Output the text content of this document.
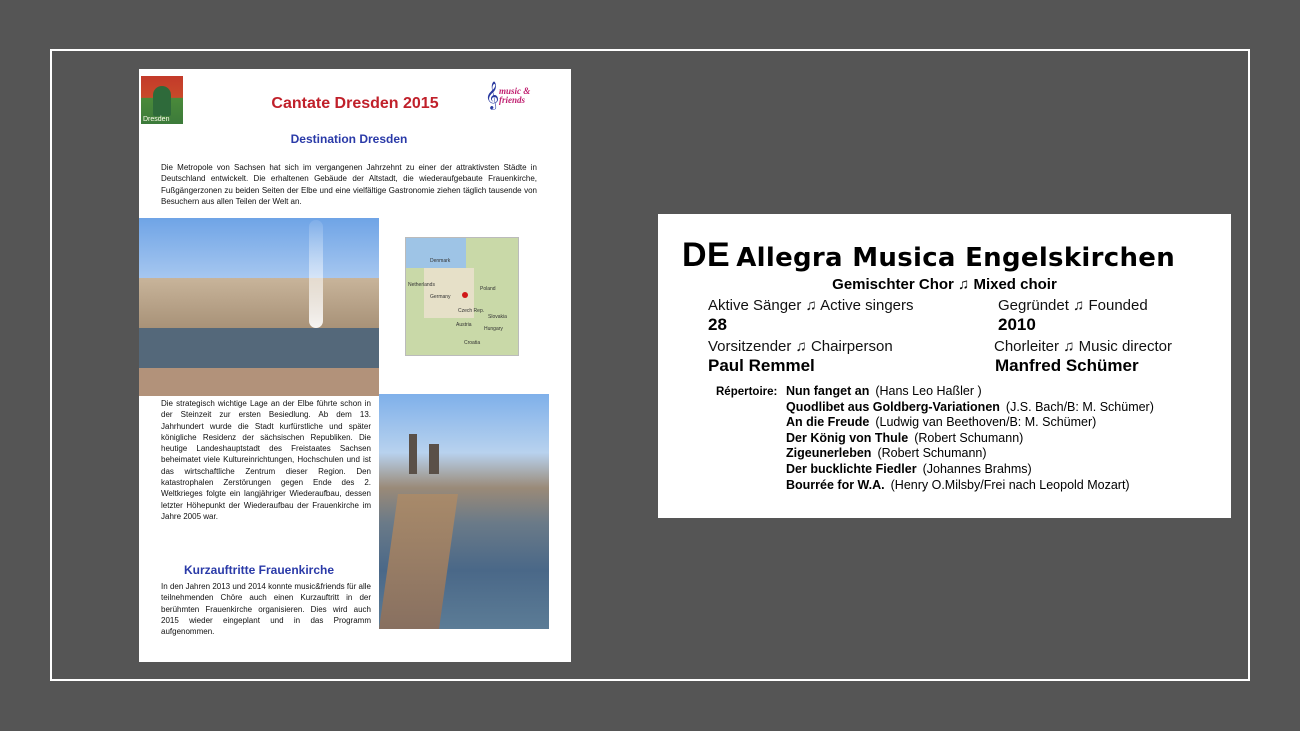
Dresden
Cantate Dresden 2015	𝄞 music & friends
Destination Dresden
Die Metropole von Sachsen hat sich im vergangenen Jahrzehnt zu einer der attraktivsten Städte in Deutschland entwickelt. Die erhaltenen Gebäude der Altstadt, die wiederaufgebaute Frauenkirche, Fußgängerzonen zu beiden Seiten der Elbe und eine vielfältige Gastronomie ziehen täglich tausende von Besuchern aus allen Teilen der Welt an.
Denmark
Netherlands
Germany
Poland
Czech Rep.
Slovakia
Austria
Hungary
Croatia
Die strategisch wichtige Lage an der Elbe führte schon in der Steinzeit zur ersten Besiedlung. Ab dem 13. Jahrhundert wurde die Stadt kurfürstliche und später königliche Residenz der sächsischen Republiken. Die heutige Landeshauptstadt des Freistaates Sachsen beheimatet viele Kultureinrichtungen, Hochschulen und ist das wirtschaftliche Zentrum dieser Region. Den katastrophalen Zerstörungen gegen Ende des 2. Weltkrieges folgte ein langjähriger Wiederaufbau, dessen letzter Höhepunkt der Wiederaufbau der Frauenkirche im Jahre 2005 war.
Kurzauftritte Frauenkirche
In den Jahren 2013 und 2014 konnte music&friends für alle teilnehmenden Chöre auch einen Kurzauftritt in der berühmten Frauenkirche organisieren. Dies wird auch 2015 wieder eingeplant und in das Programm aufgenommen.
DE Allegra Musica Engelskirchen
Gemischter Chor ♫ Mixed choir
Aktive Sänger ♫ Active singers
28
Gegründet ♫ Founded
2010
Vorsitzender ♫ Chairperson
Paul Remmel
Chorleiter ♫ Music director
Manfred Schümer
Répertoire: Nun fanget an (Hans Leo Haßler )
Quodlibet aus Goldberg-Variationen (J.S. Bach/B: M. Schümer)
An die Freude (Ludwig van Beethoven/B: M. Schümer)
Der König von Thule (Robert Schumann)
Zigeunerleben (Robert Schumann)
Der bucklichte Fiedler (Johannes Brahms)
Bourrée for W.A. (Henry O.Milsby/Frei nach Leopold Mozart)
